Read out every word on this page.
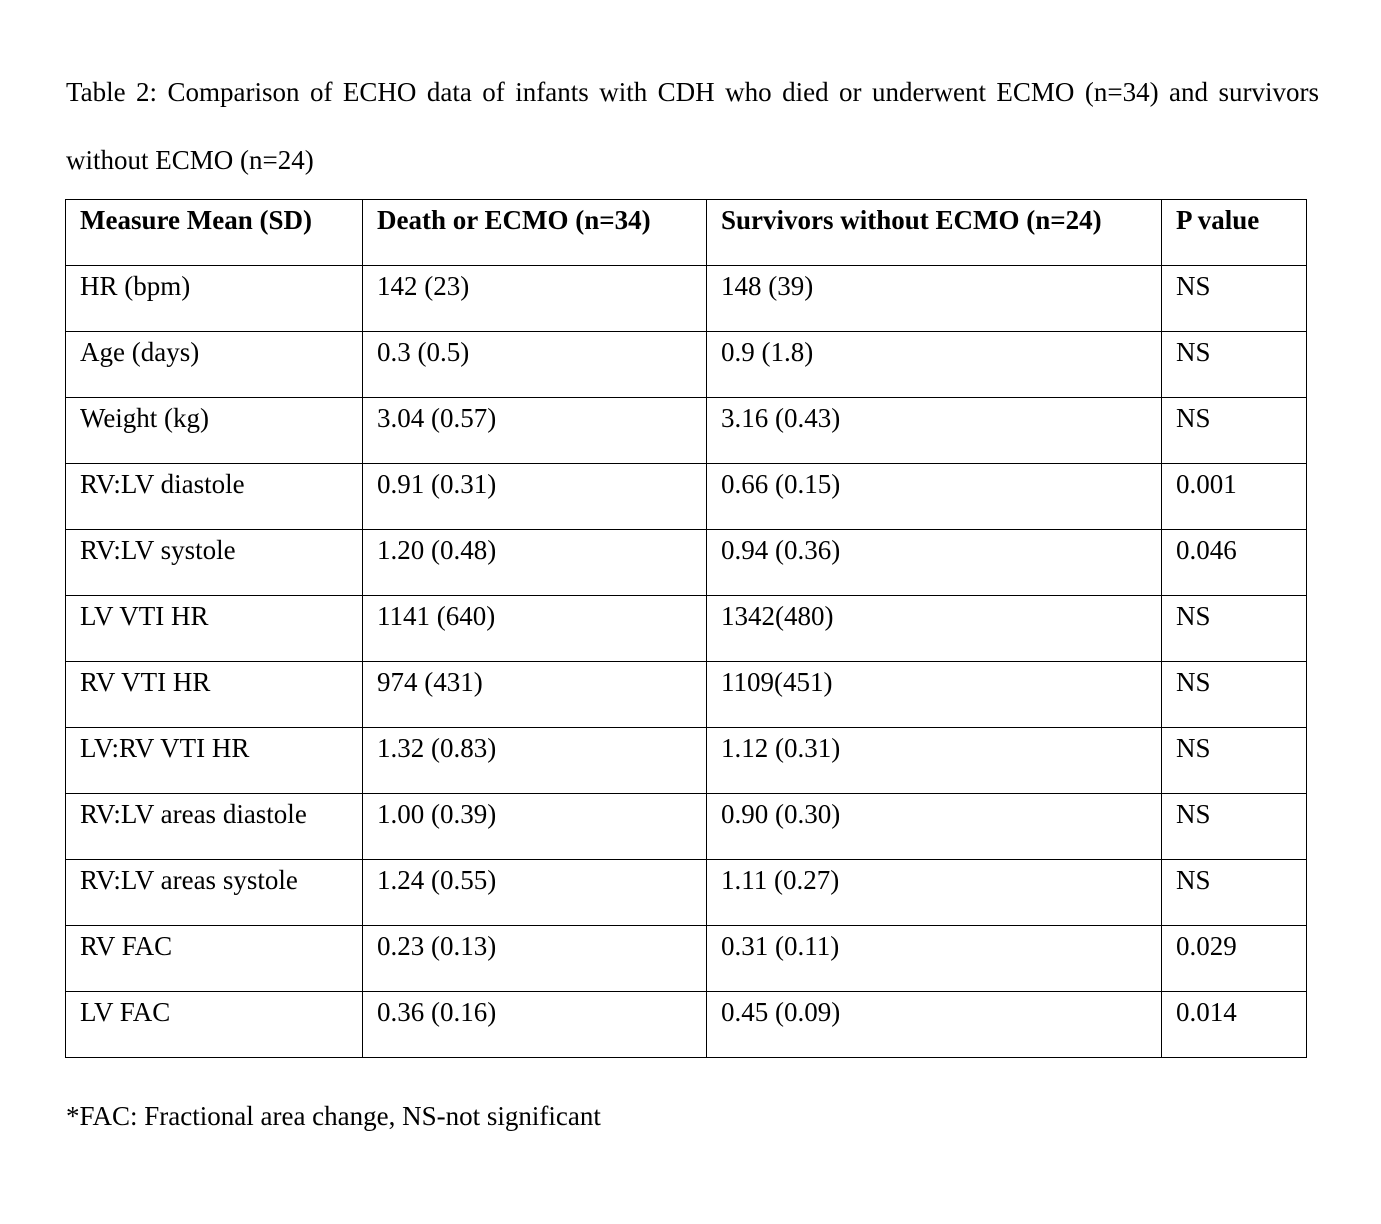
Table 2: Comparison of ECHO data of infants with CDH who died or underwent ECMO (n=34) and survivors without ECMO (n=24)
Measure Mean (SD)	Death or ECMO (n=34)	Survivors without ECMO (n=24)	P value
HR (bpm)	142 (23)	148 (39)	NS
Age (days)	0.3 (0.5)	0.9 (1.8)	NS
Weight (kg)	3.04 (0.57)	3.16 (0.43)	NS
RV:LV diastole	0.91 (0.31)	0.66 (0.15)	0.001
RV:LV systole	1.20 (0.48)	0.94 (0.36)	0.046
LV VTI HR	1141 (640)	1342(480)	NS
RV VTI HR	974 (431)	1109(451)	NS
LV:RV VTI HR	1.32 (0.83)	1.12 (0.31)	NS
RV:LV areas diastole	1.00 (0.39)	0.90 (0.30)	NS
RV:LV areas systole	1.24 (0.55)	1.11 (0.27)	NS
RV FAC	0.23 (0.13)	0.31 (0.11)	0.029
LV FAC	0.36 (0.16)	0.45 (0.09)	0.014
*FAC: Fractional area change, NS-not significant
